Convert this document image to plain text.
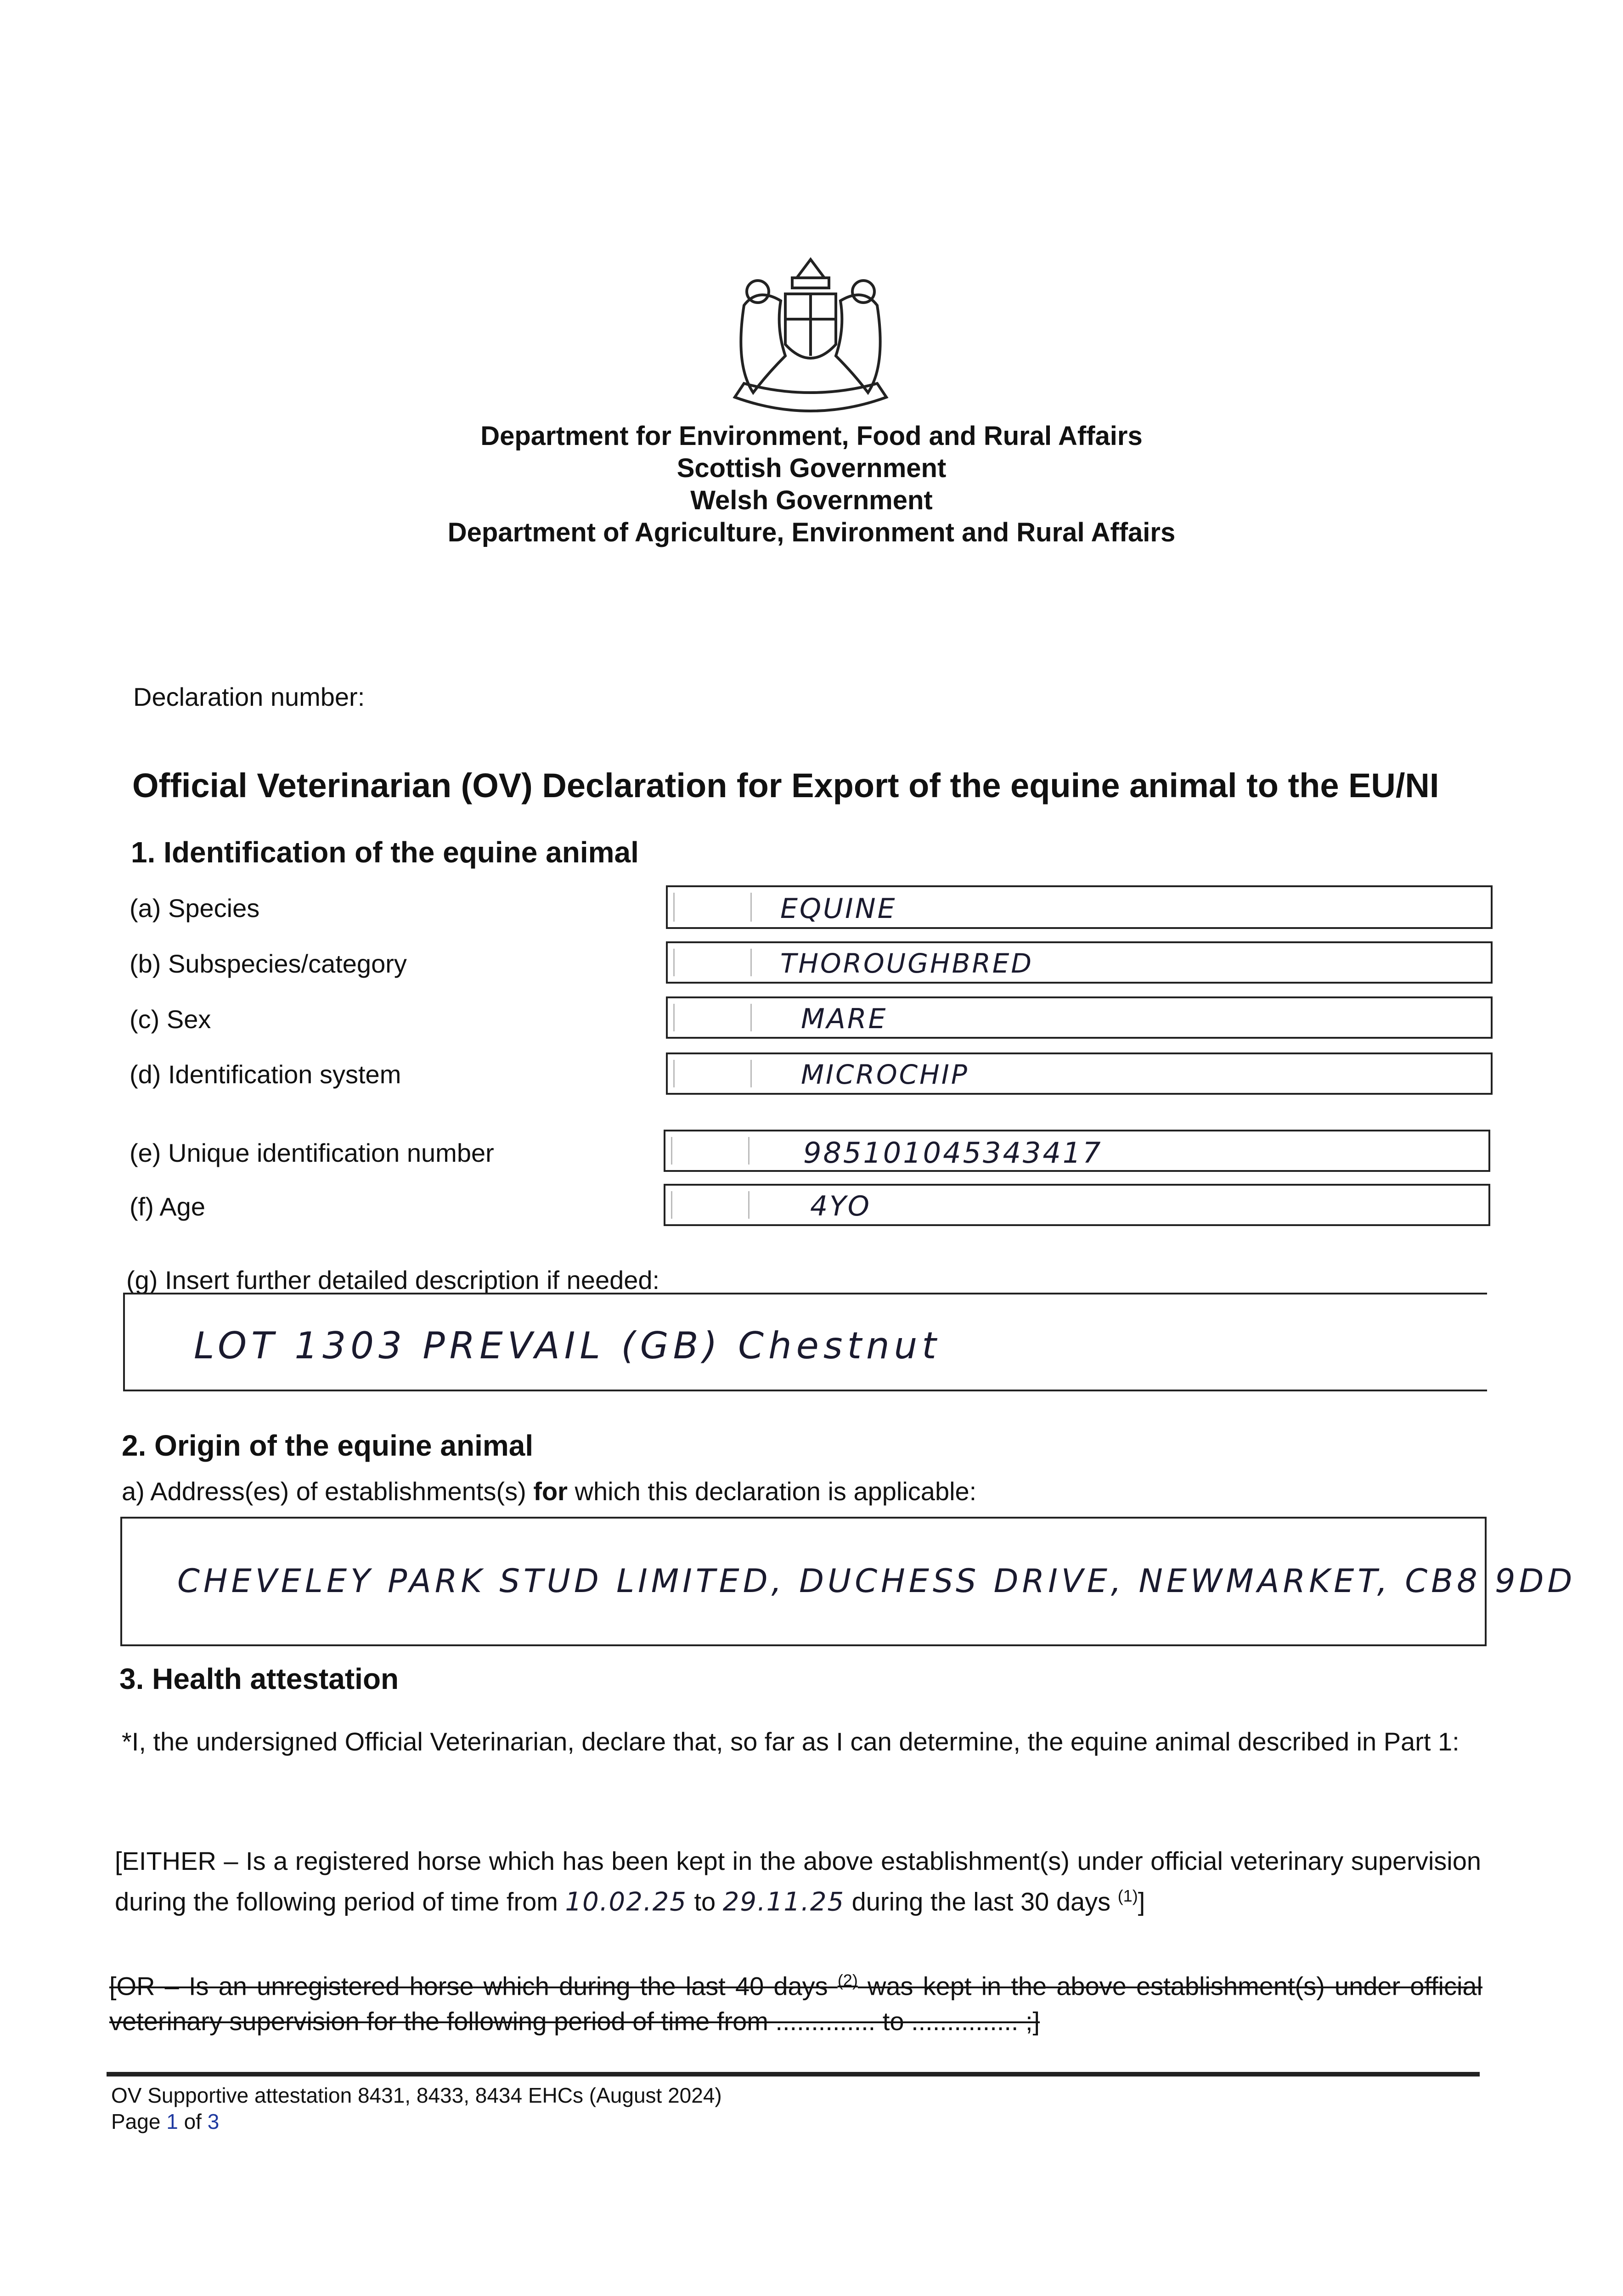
Department for Environment, Food and Rural Affairs
Scottish Government
Welsh Government
Department of Agriculture, Environment and Rural Affairs
Declaration number:
Official Veterinarian (OV) Declaration for Export of the equine animal to the EU/NI
1. Identification of the equine animal
(a) Species	EQUINE
(b) Subspecies/category	THOROUGHBRED
(c) Sex	MARE
(d) Identification system	MICROCHIP
(e) Unique identification number	985101045343417
(f) Age	4YO
(g) Insert further detailed description if needed:
LOT 1303 PREVAIL (GB) Chestnut
2. Origin of the equine animal
a) Address(es) of establishments(s) for which this declaration is applicable:
CHEVELEY PARK STUD LIMITED, DUCHESS DRIVE, NEWMARKET, CB8 9DD
3. Health attestation
*I, the undersigned Official Veterinarian, declare that, so far as I can determine, the equine animal described in Part 1:
[EITHER – Is a registered horse which has been kept in the above establishment(s) under official veterinary supervision during the following period of time from 10.02.25 to 29.11.25 during the last 30 days $^{(1)}$]
[OR – Is an unregistered horse which during the last 40 days $^{(2)}$ was kept in the above establishment(s) under official veterinary supervision for the following period of time from .............. to ............... ;]
OV Supportive attestation 8431, 8433, 8434 EHCs (August 2024)
Page 1 of 3
